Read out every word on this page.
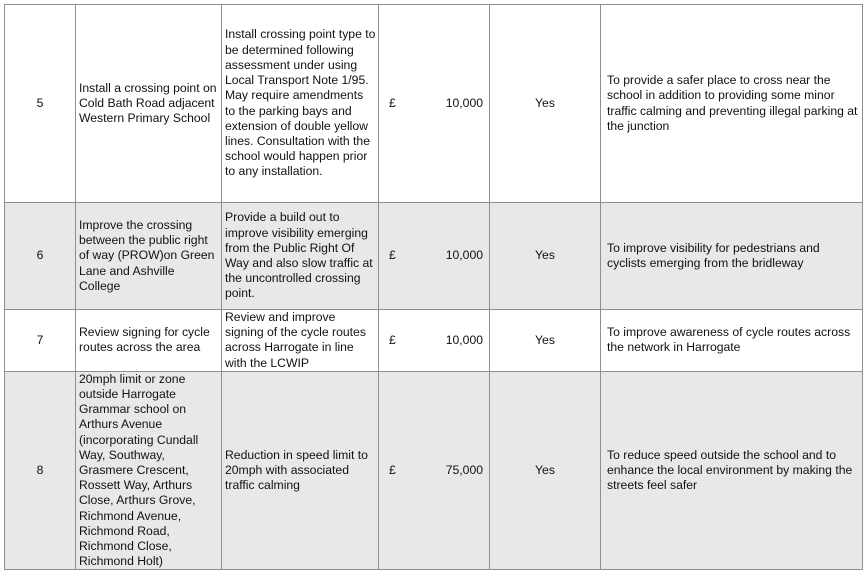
5	Install a crossing point on Cold Bath Road adjacent Western Primary School	Install crossing point type to be determined following assessment under using Local Transport Note 1/95. May require amendments to the parking bays and extension of double yellow lines. Consultation with the school would happen prior to any installation.	£ 10,000	Yes	To provide a safer place to cross near the school in addition to providing some minor traffic calming and preventing illegal parking at the junction
6	Improve the crossing between the public right of way (PROW)on Green Lane and Ashville College	Provide a build out to improve visibility emerging from the Public Right Of Way and also slow traffic at the uncontrolled crossing point.	£ 10,000	Yes	To improve visibility for pedestrians and cyclists emerging from the bridleway
7	Review signing for cycle routes across the area	Review and improve signing of the cycle routes across Harrogate in line with the LCWIP	£ 10,000	Yes	To improve awareness of cycle routes across the network in Harrogate
8	20mph limit or zone outside Harrogate Grammar school on Arthurs Avenue (incorporating Cundall Way, Southway, Grasmere Crescent, Rossett Way, Arthurs Close, Arthurs Grove, Richmond Avenue, Richmond Road, Richmond Close, Richmond Holt)	Reduction in speed limit to 20mph with associated traffic calming	£ 75,000	Yes	To reduce speed outside the school and to enhance the local environment by making the streets feel safer
